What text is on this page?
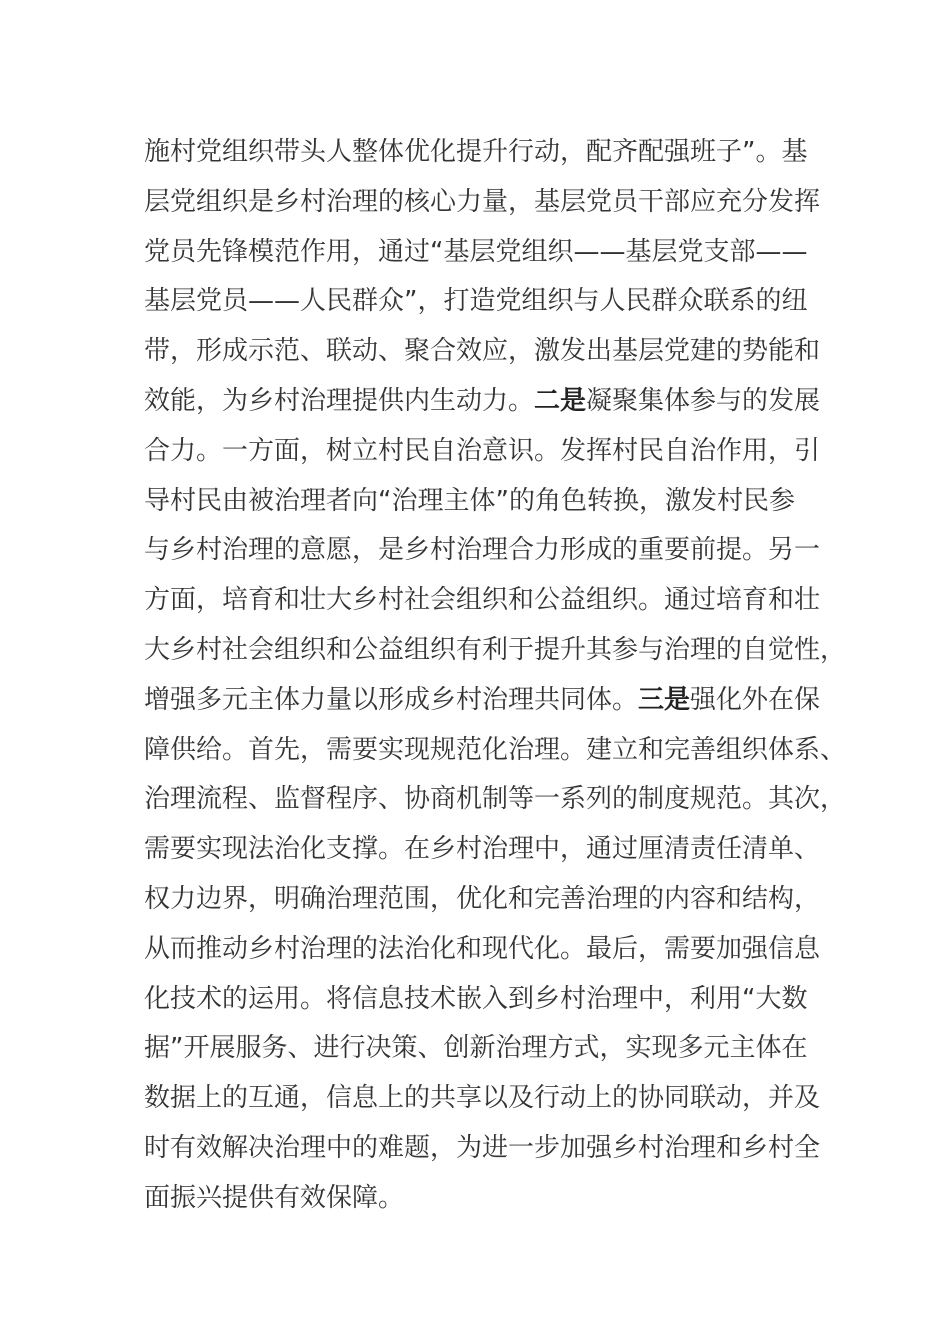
施村党组织带头人整体优化提升行动，配齐配强班子”。基
层党组织是乡村治理的核心力量，基层党员干部应充分发挥
党员先锋模范作用，通过“基层党组织——基层党支部——
基层党员——人民群众”，打造党组织与人民群众联系的纽
带，形成示范、联动、聚合效应，激发出基层党建的势能和
效能，为乡村治理提供内生动力。二是凝聚集体参与的发展
合力。一方面，树立村民自治意识。发挥村民自治作用，引
导村民由被治理者向“治理主体”的角色转换，激发村民参
与乡村治理的意愿，是乡村治理合力形成的重要前提。另一
方面，培育和壮大乡村社会组织和公益组织。通过培育和壮
大乡村社会组织和公益组织有利于提升其参与治理的自觉性，
增强多元主体力量以形成乡村治理共同体。三是强化外在保
障供给。首先，需要实现规范化治理。建立和完善组织体系、
治理流程、监督程序、协商机制等一系列的制度规范。其次，
需要实现法治化支撑。在乡村治理中，通过厘清责任清单、
权力边界，明确治理范围，优化和完善治理的内容和结构，
从而推动乡村治理的法治化和现代化。最后，需要加强信息
化技术的运用。将信息技术嵌入到乡村治理中，利用“大数
据”开展服务、进行决策、创新治理方式，实现多元主体在
数据上的互通，信息上的共享以及行动上的协同联动，并及
时有效解决治理中的难题，为进一步加强乡村治理和乡村全
面振兴提供有效保障。
